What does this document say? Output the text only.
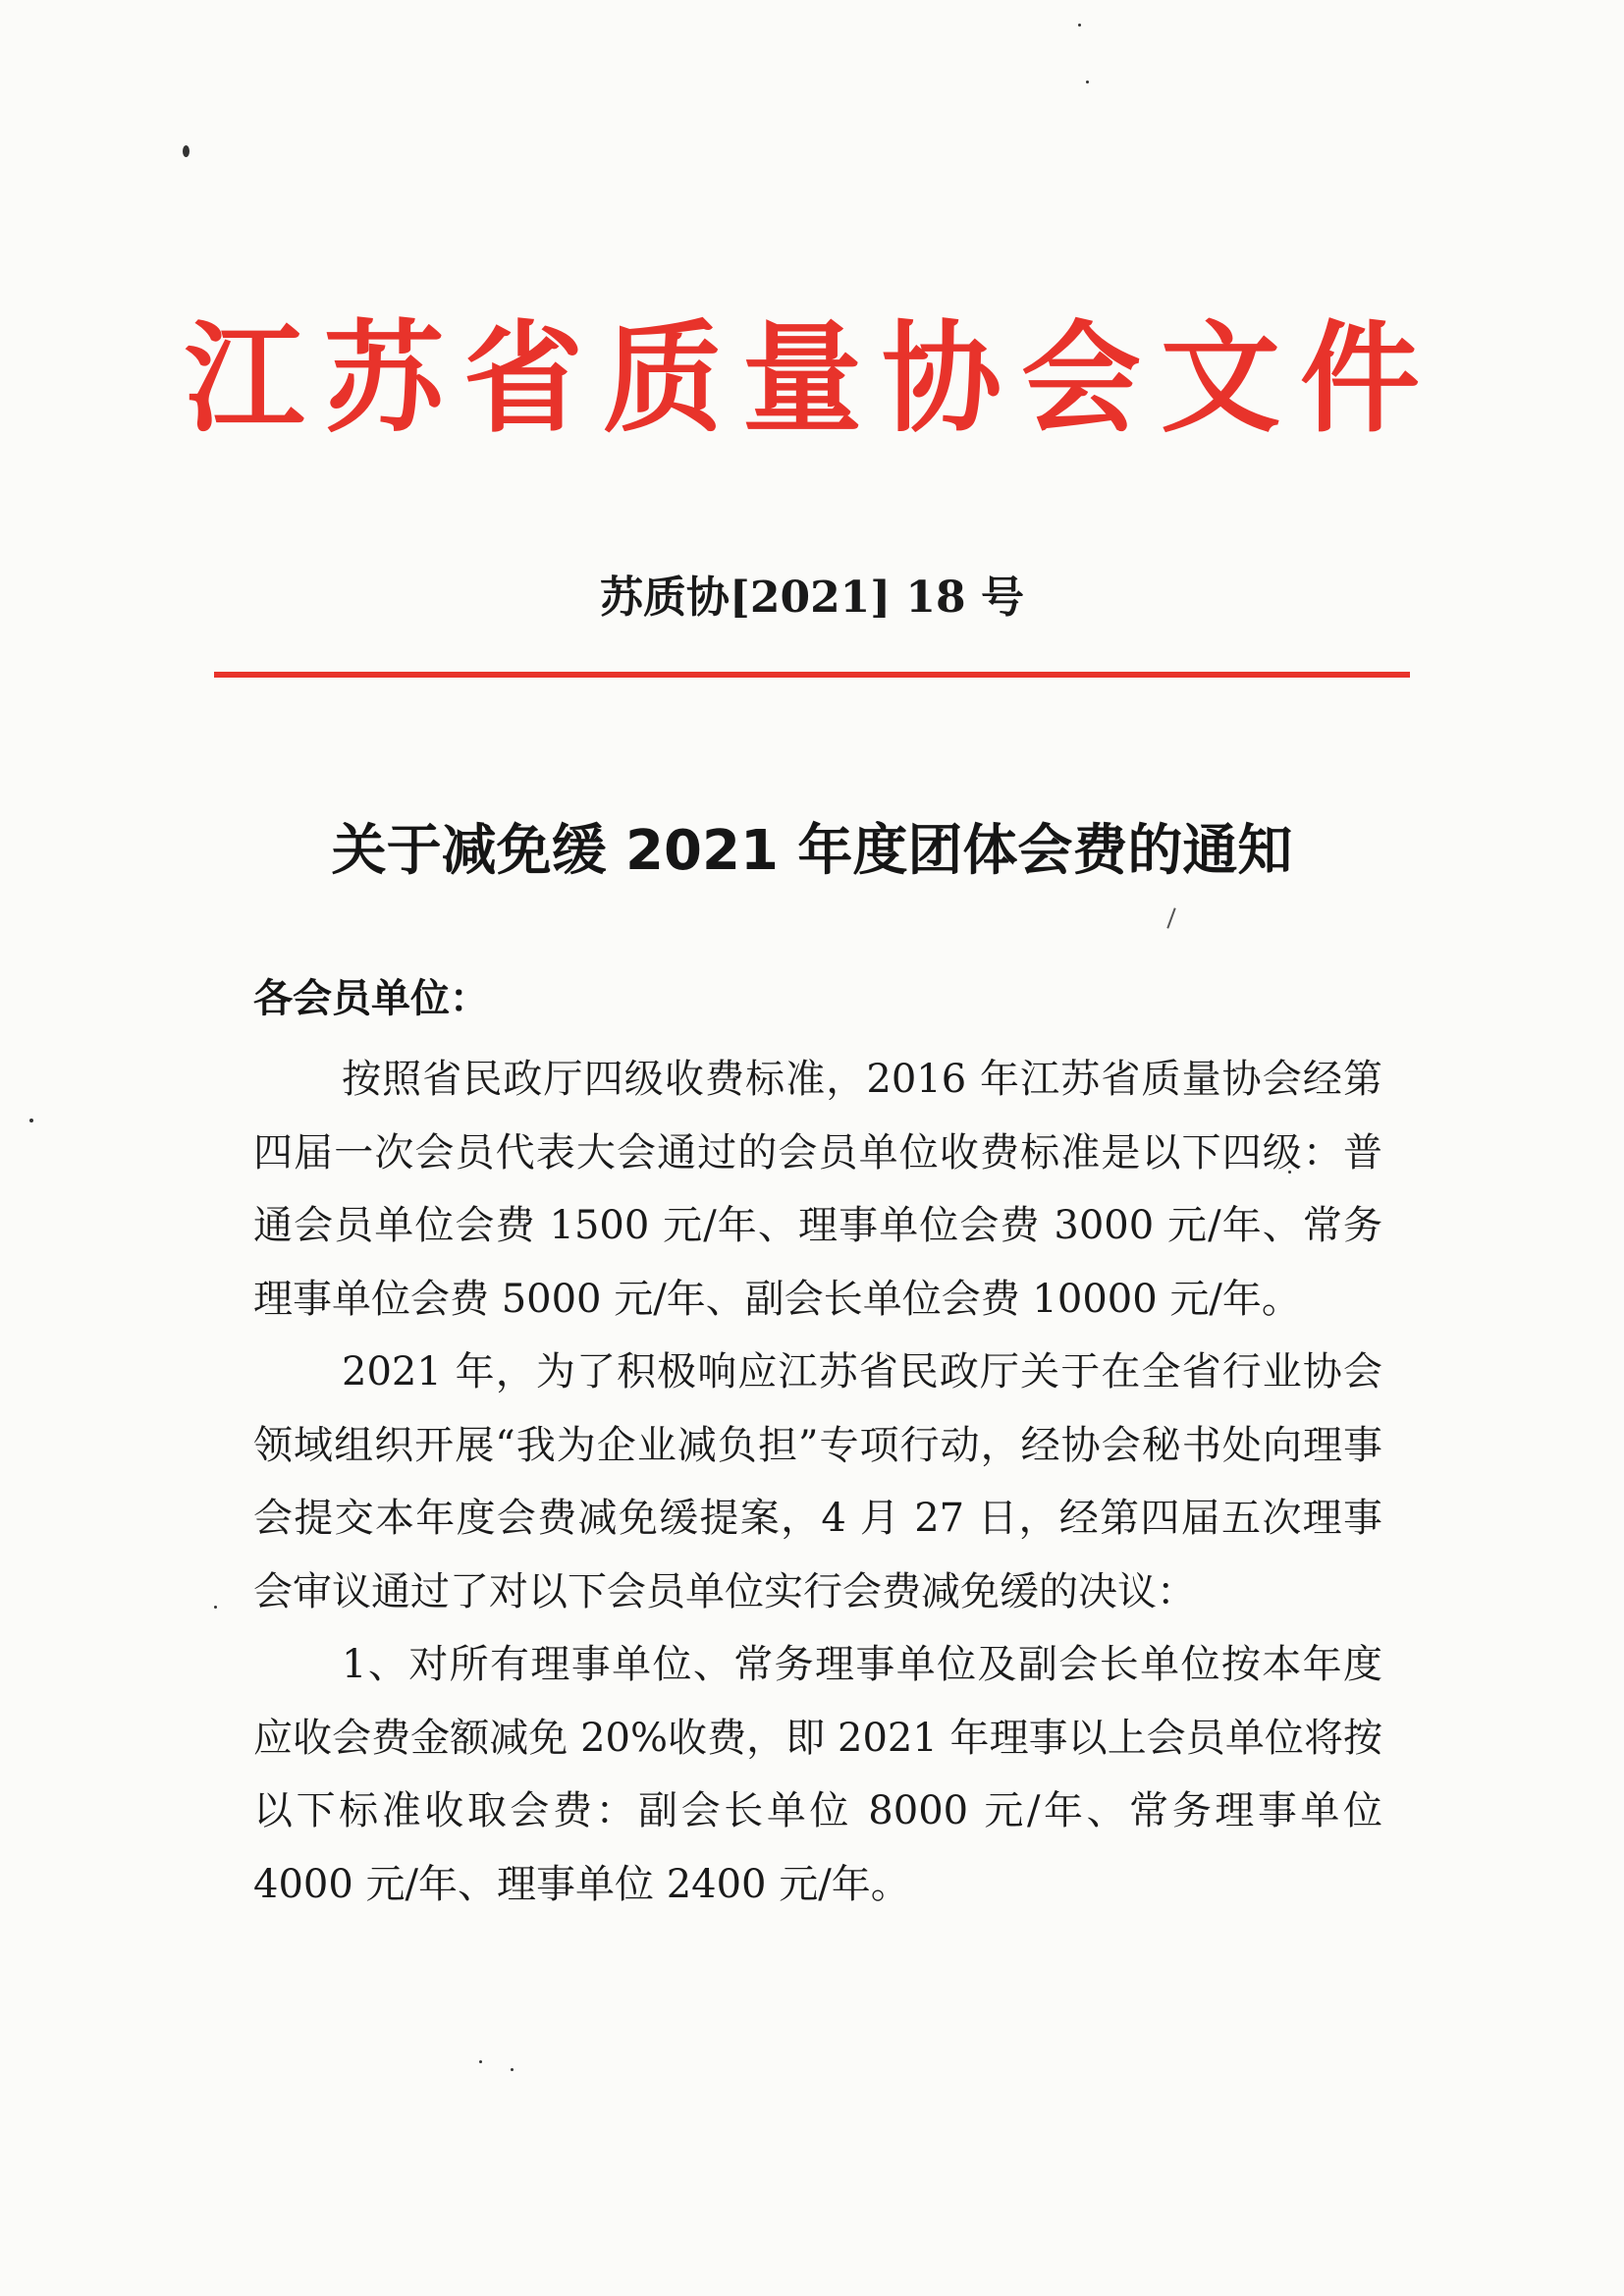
江苏省质量协会文件
苏质协[2021] 18 号
关于减免缓 2021 年度团体会费的通知
各会员单位：

按照省民政厅四级收费标准，2016 年江苏省质量协会经第四届一次会员代表大会通过的会员单位收费标准是以下四级：普通会员单位会费 1500 元/年、理事单位会费 3000 元/年、常务理事单位会费 5000 元/年、副会长单位会费 10000 元/年。

2021 年，为了积极响应江苏省民政厅关于在全省行业协会领域组织开展“我为企业减负担”专项行动，经协会秘书处向理事会提交本年度会费减免缓提案，4 月 27 日，经第四届五次理事会审议通过了对以下会员单位实行会费减免缓的决议：

1、对所有理事单位、常务理事单位及副会长单位按本年度应收会费金额减免 20%收费，即 2021 年理事以上会员单位将按以下标准收取会费：副会长单位 8000 元/年、常务理事单位 4000 元/年、理事单位 2400 元/年。
